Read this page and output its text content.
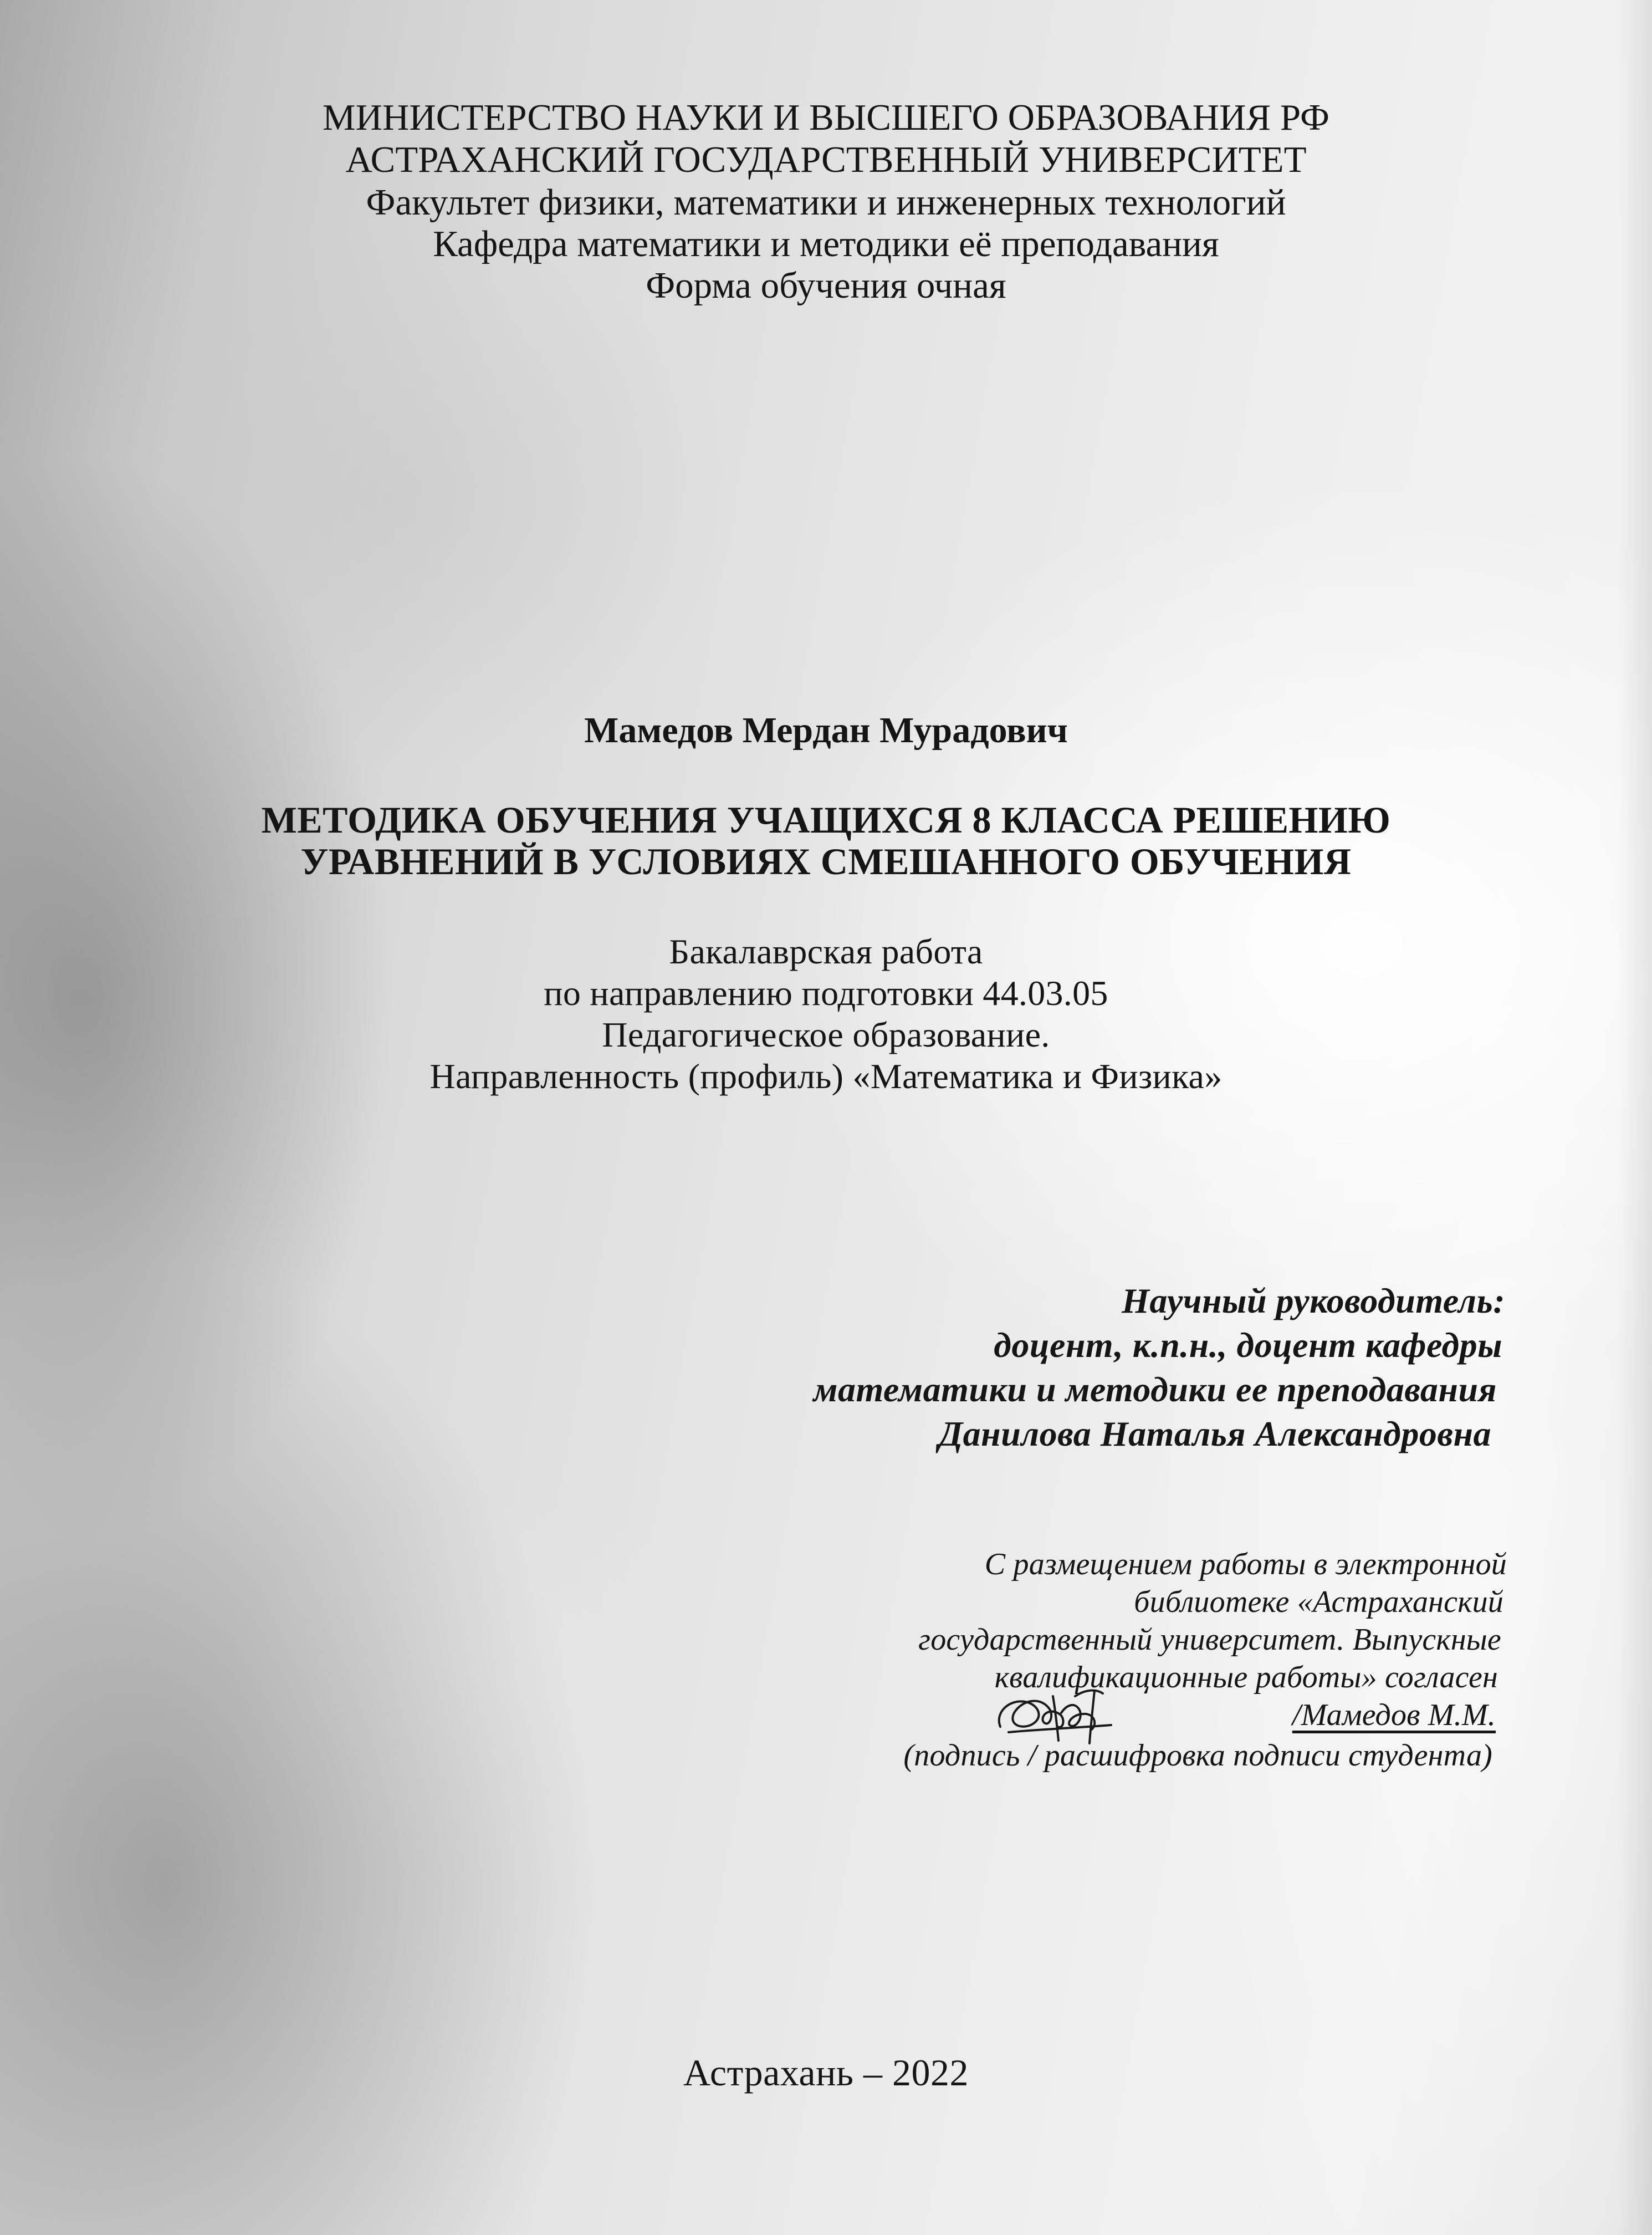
МИНИСТЕРСТВО НАУКИ И ВЫСШЕГО ОБРАЗОВАНИЯ РФ

АСТРАХАНСКИЙ ГОСУДАРСТВЕННЫЙ УНИВЕРСИТЕТ

Факультет физики, математики и инженерных технологий

Кафедра математики и методики её преподавания

Форма обучения очная

Мамедов Мердан Мурадович

МЕТОДИКА ОБУЧЕНИЯ УЧАЩИХСЯ 8 КЛАССА РЕШЕНИЮ

УРАВНЕНИЙ В УСЛОВИЯХ СМЕШАННОГО ОБУЧЕНИЯ

Бакалаврская работа

по направлению подготовки 44.03.05

Педагогическое образование.

Направленность (профиль) «Математика и Физика»

Научный руководитель:

доцент, к.п.н., доцент кафедры

математики и методики ее преподавания

Данилова Наталья Александровна

С размещением работы в электронной

библиотеке «Астраханский

государственный университет. Выпускные

квалификационные работы» согласен

/Мамедов М.М.

(подпись / расшифровка подписи студента)

Астрахань – 2022
